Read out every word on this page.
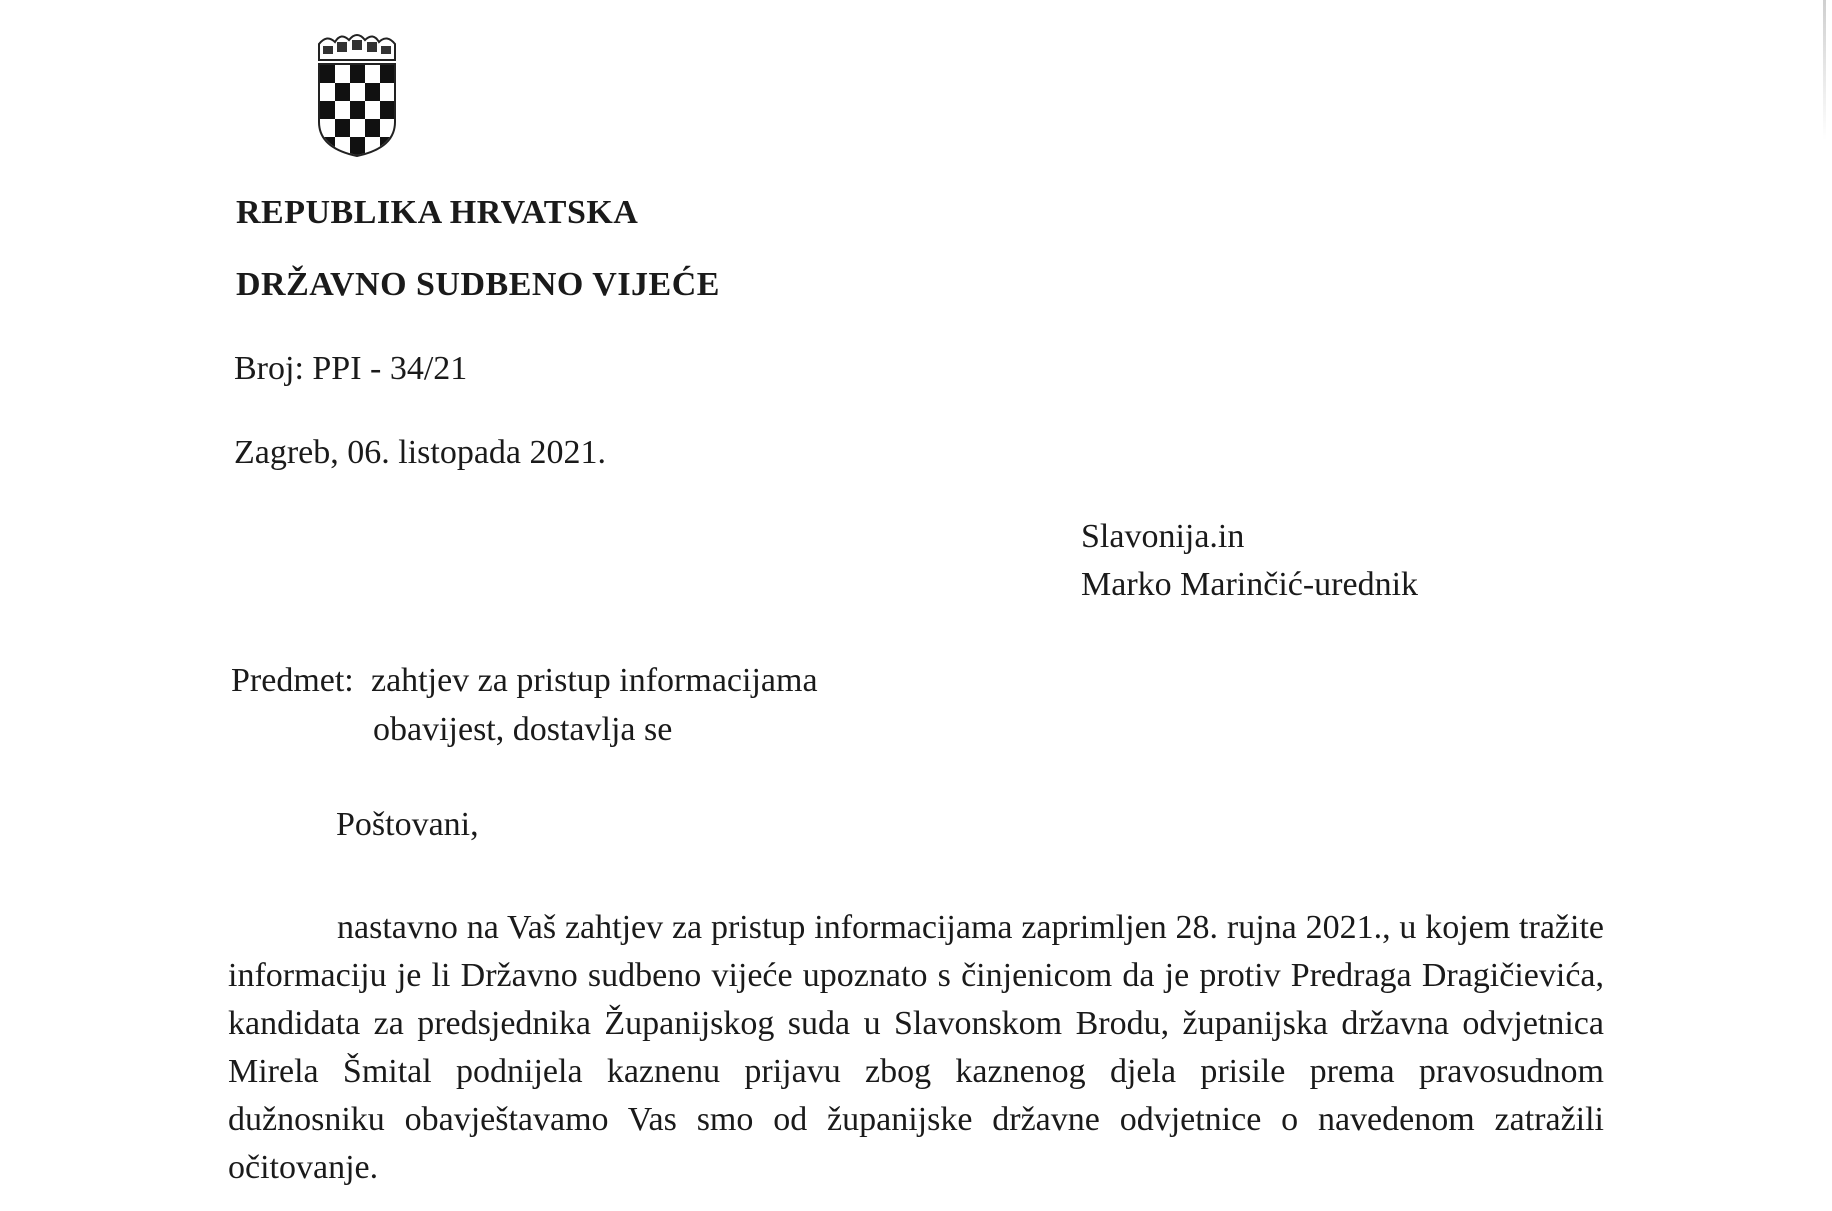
REPUBLIKA HRVATSKA
DRŽAVNO SUDBENO VIJEĆE
Broj: PPI - 34/21
Zagreb, 06. listopada 2021.
Slavonija.in
Marko Marinčić-urednik
Predmet: zahtjev za pristup informacijama
obavijest, dostavlja se
Poštovani,
nastavno na Vaš zahtjev za pristup informacijama zaprimljen 28. rujna 2021., u kojem tražite informaciju je li Državno sudbeno vijeće upoznato s činjenicom da je protiv Predraga Dragičievića, kandidata za predsjednika Županijskog suda u Slavonskom Brodu, županijska državna odvjetnica Mirela Šmital podnijela kaznenu prijavu zbog kaznenog djela prisile prema pravosudnom dužnosniku obavještavamo Vas smo od županijske državne odvjetnice o navedenom zatražili očitovanje.
